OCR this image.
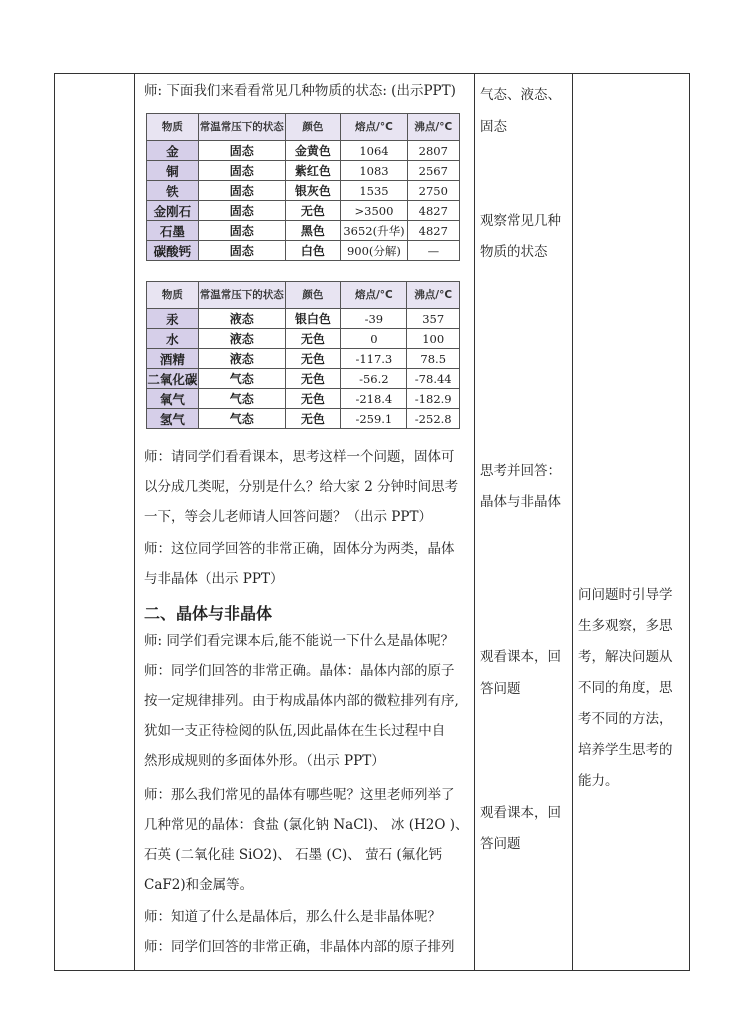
师: 下面我们来看看常见几种物质的状态: (出示PPT)
物质	常温常压下的状态	颜色	熔点/°C	沸点/°C
金	固态	金黄色	1064	2807
铜	固态	紫红色	1083	2567
铁	固态	银灰色	1535	2750
金刚石	固态	无色	>3500	4827
石墨	固态	黑色	3652(升华)	4827
碳酸钙	固态	白色	900(分解)	—
物质	常温常压下的状态	颜色	熔点/°C	沸点/°C
汞	液态	银白色	-39	357
水	液态	无色	0	100
酒精	液态	无色	-117.3	78.5
二氧化碳	气态	无色	-56.2	-78.44
氧气	气态	无色	-218.4	-182.9
氢气	气态	无色	-259.1	-252.8
师：请同学们看看课本，思考这样一个问题，固体可
以分成几类呢，分别是什么？给大家 2 分钟时间思考
一下，等会儿老师请人回答问题？（出示 PPT）
师：这位同学回答的非常正确，固体分为两类，晶体
与非晶体（出示 PPT）
二、晶体与非晶体
师: 同学们看完课本后,能不能说一下什么是晶体呢？
师：同学们回答的非常正确。晶体：晶体内部的原子
按一定规律排列。由于构成晶体内部的微粒排列有序,
犹如一支正待检阅的队伍,因此晶体在生长过程中自
然形成规则的多面体外形。（出示 PPT）
师：那么我们常见的晶体有哪些呢？这里老师列举了
几种常见的晶体：食盐 (氯化钠 NaCl)、 冰 (H2O )、
石英 (二氧化硅 SiO2)、 石墨 (C)、 萤石 (氟化钙
CaF2)和金属等。
师：知道了什么是晶体后，那么什么是非晶体呢？
师：同学们回答的非常正确，非晶体内部的原子排列
气态、液态、
固态
观察常见几种
物质的状态
思考并回答：
晶体与非晶体
观看课本，回
答问题
观看课本，回
答问题
问问题时引导学
生多观察，多思
考，解决问题从
不同的角度，思
考不同的方法，
培养学生思考的
能力。
